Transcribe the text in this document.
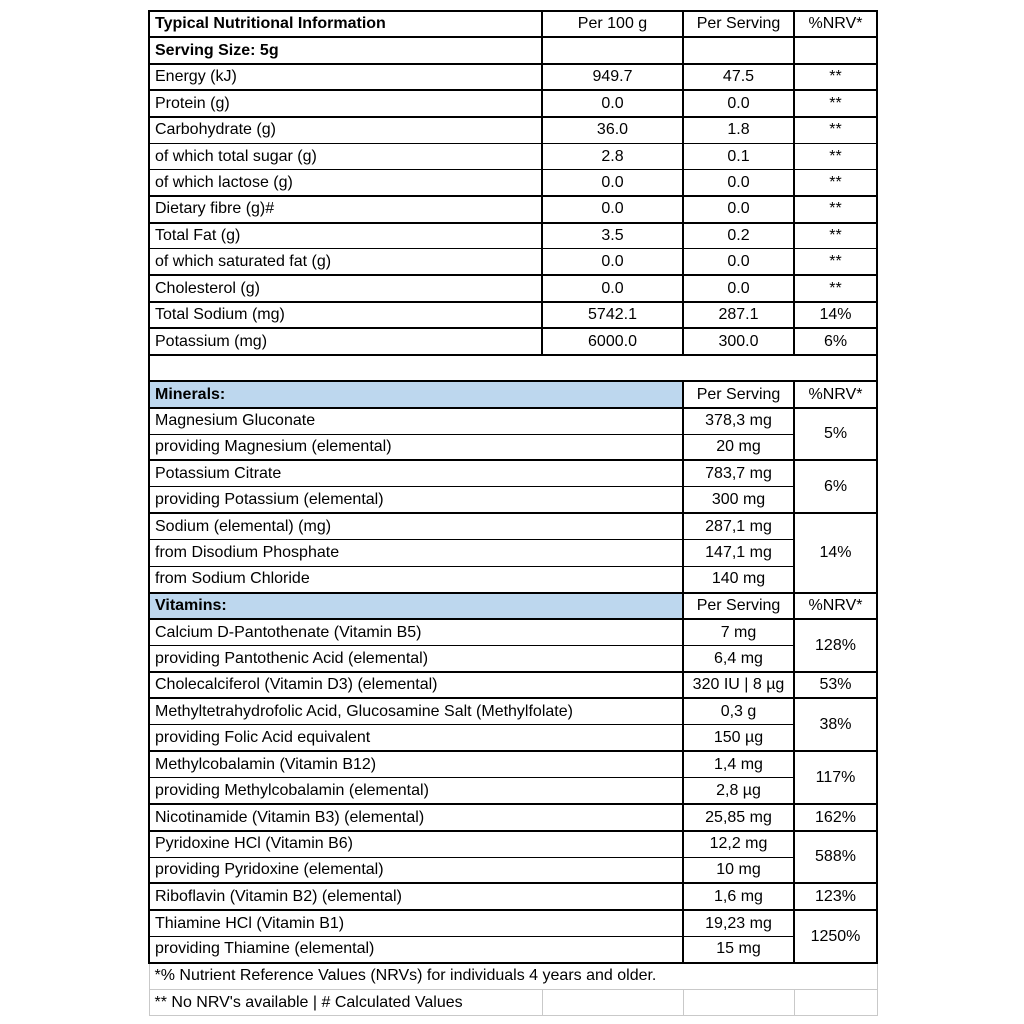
Typical Nutritional Information	Per 100 g	Per Serving	%NRV*
Serving Size: 5g			
Energy (kJ)	949.7	47.5	**
Protein (g)	0.0	0.0	**
Carbohydrate (g)	36.0	1.8	**
of which total sugar (g)	2.8	0.1	**
of which lactose (g)	0.0	0.0	**
Dietary fibre (g)#	0.0	0.0	**
Total Fat (g)	3.5	0.2	**
of which saturated fat (g)	0.0	0.0	**
Cholesterol (g)	0.0	0.0	**
Total Sodium (mg)	5742.1	287.1	14%
Potassium (mg)	6000.0	300.0	6%

Minerals:		Per Serving	%NRV*
Magnesium Gluconate		378,3 mg	5%
providing Magnesium (elemental)		20 mg	
Potassium Citrate		783,7 mg	6%
providing Potassium (elemental)		300 mg	
Sodium (elemental) (mg)		287,1 mg	14%
from Disodium Phosphate		147,1 mg	
from Sodium Chloride		140 mg	
Vitamins:		Per Serving	%NRV*
Calcium D-Pantothenate (Vitamin B5)		7 mg	128%
providing Pantothenic Acid (elemental)		6,4 mg	
Cholecalciferol (Vitamin D3) (elemental)		320 IU | 8 µg	53%
Methyltetrahydrofolic Acid, Glucosamine Salt (Methylfolate)		0,3 g	38%
providing Folic Acid equivalent		150 µg	
Methylcobalamin (Vitamin B12)		1,4 mg	117%
providing Methylcobalamin (elemental)		2,8 µg	
Nicotinamide (Vitamin B3) (elemental)		25,85 mg	162%
Pyridoxine HCl (Vitamin B6)		12,2 mg	588%
providing Pyridoxine (elemental)		10 mg	
Riboflavin (Vitamin B2) (elemental)		1,6 mg	123%
Thiamine HCl (Vitamin B1)		19,23 mg	1250%
providing Thiamine (elemental)		15 mg	
*% Nutrient Reference Values (NRVs) for individuals 4 years and older.			
** No NRV's available | # Calculated Values			
